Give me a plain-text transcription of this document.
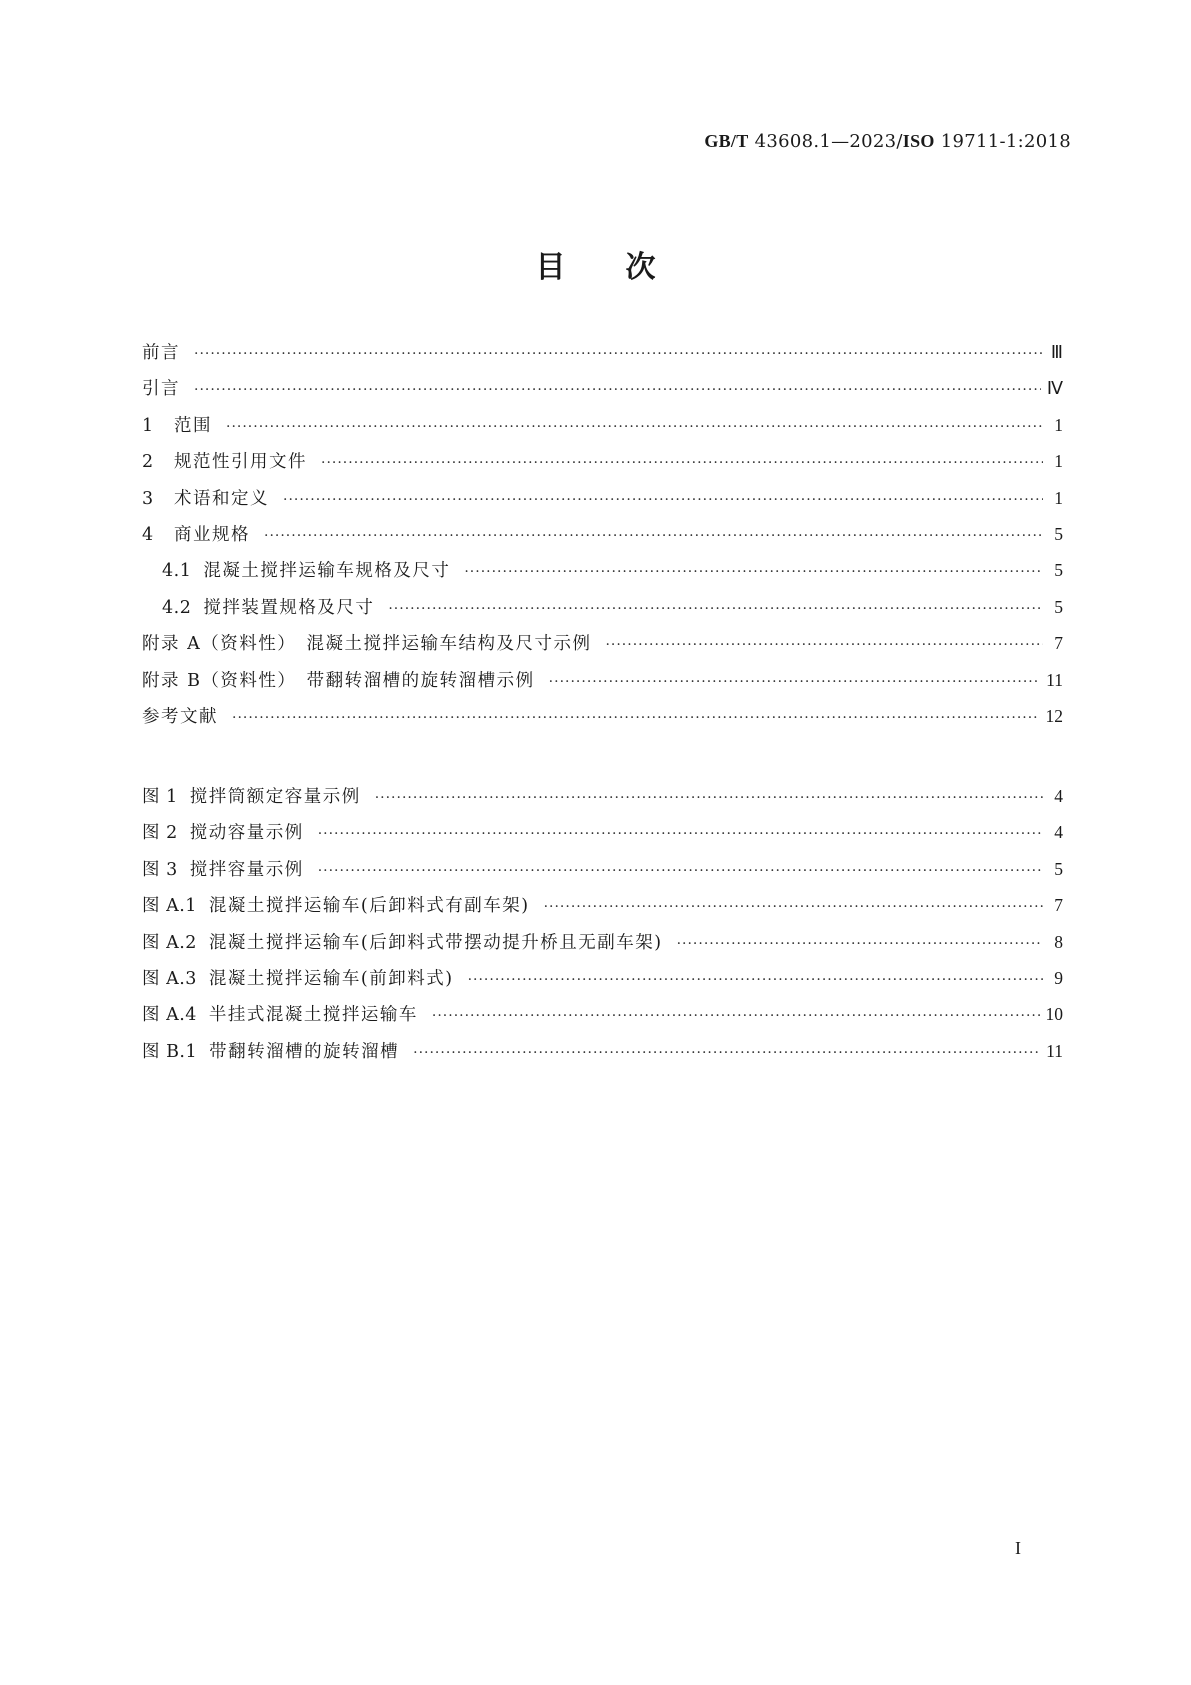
GB/T 43608.1—2023/ISO 19711-1:2018
目次
前言 ·····	Ⅲ
引言 ·····	Ⅳ
1	范围 ·····	1
2	规范性引用文件 ·····	1
3	术语和定义 ·····	1
4	商业规格 ·····	5
4.1 混凝土搅拌运输车规格及尺寸 ·····	5
4.2 搅拌装置规格及尺寸 ·····	5
附录 A（资料性）　混凝土搅拌运输车结构及尺寸示例 ·····	7
附录 B（资料性）　带翻转溜槽的旋转溜槽示例 ·····	11
参考文献 ·····	12
图 1 搅拌筒额定容量示例 ·····	4
图 2 搅动容量示例 ·····	4
图 3 搅拌容量示例 ·····	5
图 A.1 混凝土搅拌运输车(后卸料式有副车架) ·····	7
图 A.2 混凝土搅拌运输车(后卸料式带摆动提升桥且无副车架) ·····	8
图 A.3 混凝土搅拌运输车(前卸料式) ·····	9
图 A.4 半挂式混凝土搅拌运输车 ·····	10
图 B.1 带翻转溜槽的旋转溜槽 ·····	11
I
